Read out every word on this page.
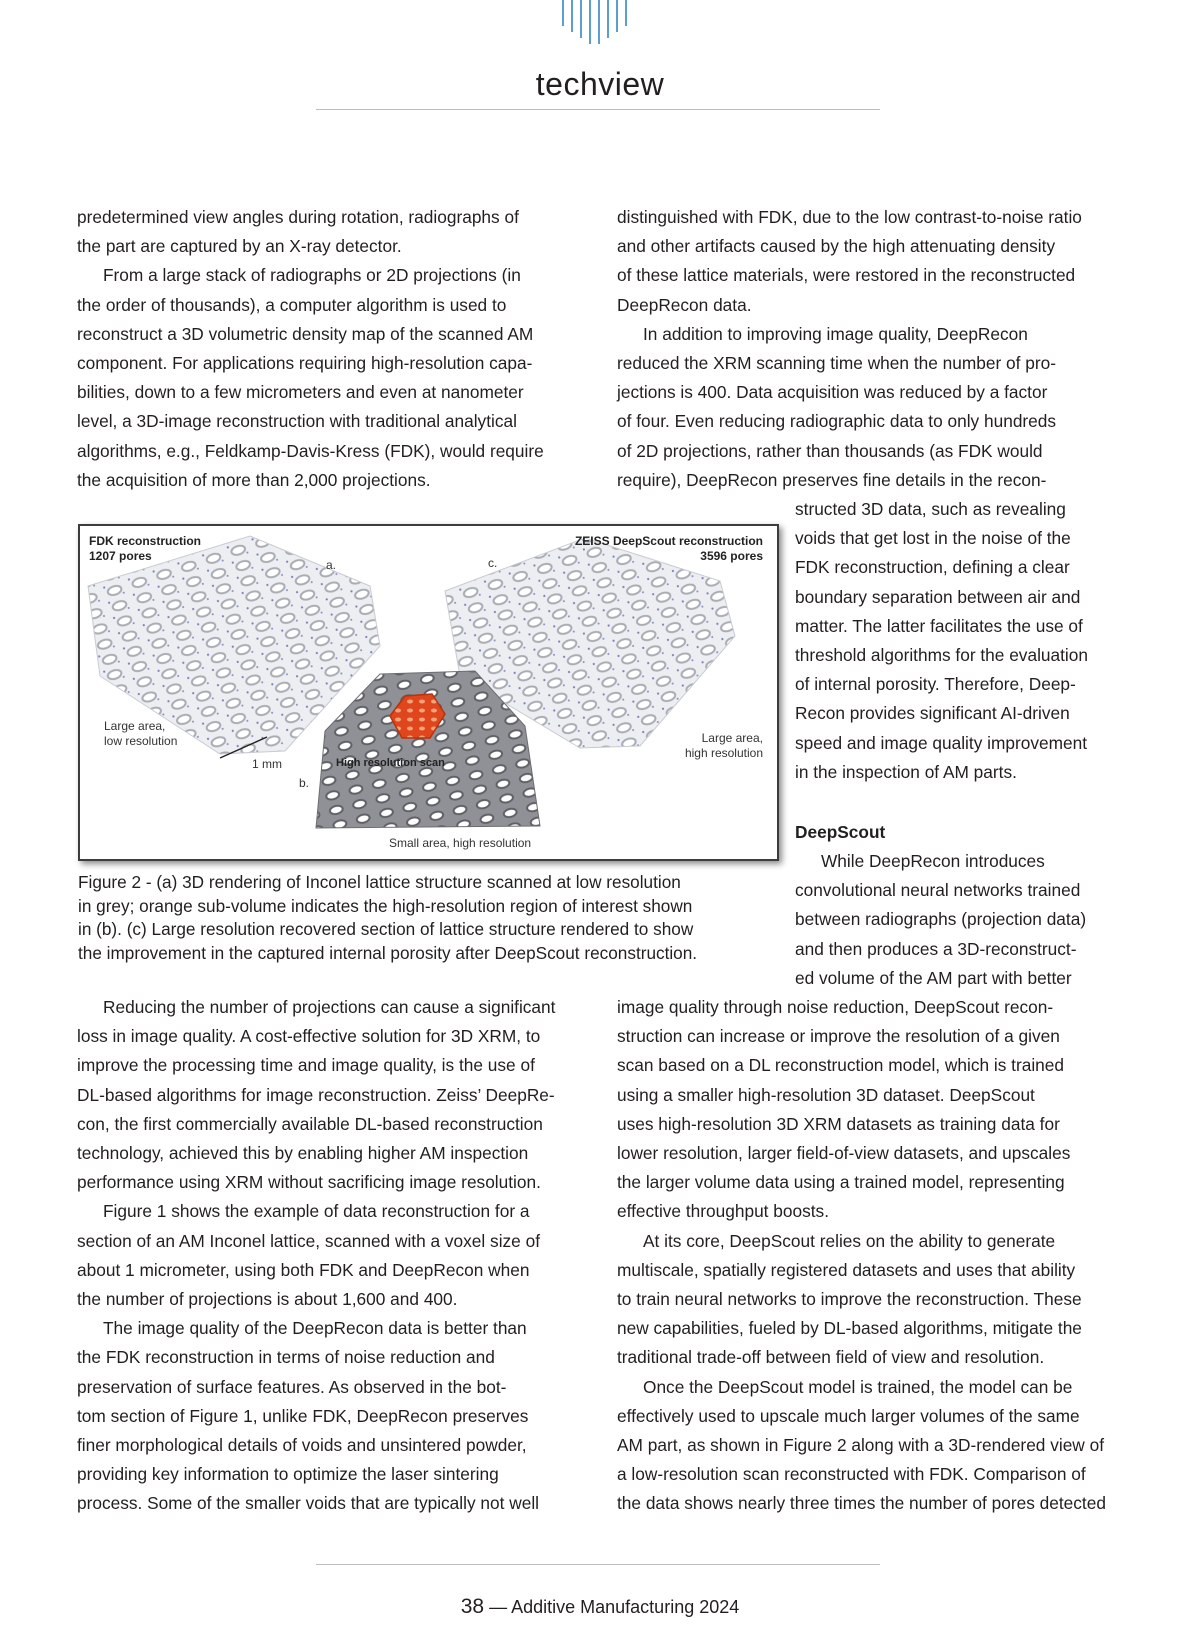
techview
predetermined view angles during rotation, radiographs of
the part are captured by an X-ray detector.
From a large stack of radiographs or 2D projections (in
the order of thousands), a computer algorithm is used to
reconstruct a 3D volumetric density map of the scanned AM
component. For applications requiring high-resolution capa-
bilities, down to a few micrometers and even at nanometer
level, a 3D-image reconstruction with traditional analytical
algorithms, e.g., Feldkamp-Davis-Kress (FDK), would require
the acquisition of more than 2,000 projections.
distinguished with FDK, due to the low contrast-to-noise ratio
and other artifacts caused by the high attenuating density
of these lattice materials, were restored in the reconstructed
DeepRecon data.
In addition to improving image quality, DeepRecon
reduced the XRM scanning time when the number of pro-
jections is 400. Data acquisition was reduced by a factor
of four. Even reducing radiographic data to only hundreds
of 2D projections, rather than thousands (as FDK would
require), DeepRecon preserves fine details in the recon-
structed 3D data, such as revealing
voids that get lost in the noise of the
FDK reconstruction, defining a clear
boundary separation between air and
matter. The latter facilitates the use of
threshold algorithms for the evaluation
of internal porosity. Therefore, Deep-
Recon provides significant AI-driven
speed and image quality improvement
in the inspection of AM parts.
DeepScout
While DeepRecon introduces
convolutional neural networks trained
between radiographs (projection data)
and then produces a 3D-reconstruct-
ed volume of the AM part with better
FDK reconstruction
1207 pores
a.	c.
ZEISS DeepScout reconstruction
3596 pores
Large area,
low resolution
1 mm
b.
High resolution scan
Large area,
high resolution
Small area, high resolution
Figure 2 - (a) 3D rendering of Inconel lattice structure scanned at low resolution
in grey; orange sub-volume indicates the high-resolution region of interest shown
in (b). (c) Large resolution recovered section of lattice structure rendered to show
the improvement in the captured internal porosity after DeepScout reconstruction.
Reducing the number of projections can cause a significant
loss in image quality. A cost-effective solution for 3D XRM, to
improve the processing time and image quality, is the use of
DL-based algorithms for image reconstruction. Zeiss’ DeepRe-
con, the first commercially available DL-based reconstruction
technology, achieved this by enabling higher AM inspection
performance using XRM without sacrificing image resolution.
Figure 1 shows the example of data reconstruction for a
section of an AM Inconel lattice, scanned with a voxel size of
about 1 micrometer, using both FDK and DeepRecon when
the number of projections is about 1,600 and 400.
The image quality of the DeepRecon data is better than
the FDK reconstruction in terms of noise reduction and
preservation of surface features. As observed in the bot-
tom section of Figure 1, unlike FDK, DeepRecon preserves
finer morphological details of voids and unsintered powder,
providing key information to optimize the laser sintering
process. Some of the smaller voids that are typically not well
image quality through noise reduction, DeepScout recon-
struction can increase or improve the resolution of a given
scan based on a DL reconstruction model, which is trained
using a smaller high-resolution 3D dataset. DeepScout
uses high-resolution 3D XRM datasets as training data for
lower resolution, larger field-of-view datasets, and upscales
the larger volume data using a trained model, representing
effective throughput boosts.
At its core, DeepScout relies on the ability to generate
multiscale, spatially registered datasets and uses that ability
to train neural networks to improve the reconstruction. These
new capabilities, fueled by DL-based algorithms, mitigate the
traditional trade-off between field of view and resolution.
Once the DeepScout model is trained, the model can be
effectively used to upscale much larger volumes of the same
AM part, as shown in Figure 2 along with a 3D-rendered view of
a low-resolution scan reconstructed with FDK. Comparison of
the data shows nearly three times the number of pores detected
38 — Additive Manufacturing 2024
